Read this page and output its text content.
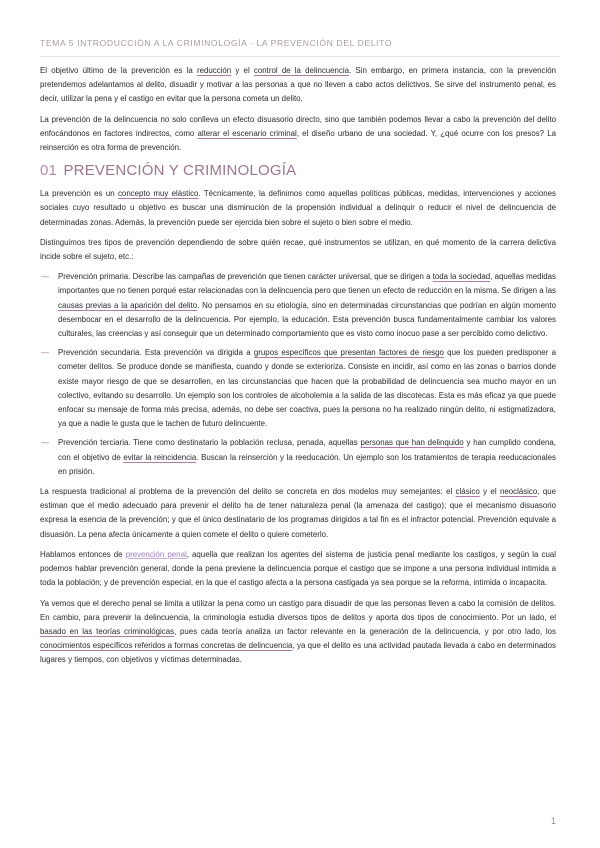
TEMA 5 INTRODUCCIÓN A LA CRIMINOLOGÍA - LA PREVENCIÓN DEL DELITO

El objetivo último de la prevención es la reducción y el control de la delincuencia. Sin embargo, en primera instancia, con la prevención pretendemos adelantamos al delito, disuadir y motivar a las personas a que no lleven a cabo actos delictivos. Se sirve del instrumento penal, es decir, utilizar la pena y el castigo en evitar que la persona cometa un delito.

La prevención de la delincuencia no solo conlleva un efecto disuasorio directo, sino que también podemos llevar a cabo la prevención del delito enfocándonos en factores indirectos, como alterar el escenario criminal, el diseño urbano de una sociedad. Y, ¿qué ocurre con los presos? La reinserción es otra forma de prevención.

01 PREVENCIÓN Y CRIMINOLOGÍA

La prevención es un concepto muy elástico. Técnicamente, la definimos como aquellas políticas públicas, medidas, intervenciones y acciones sociales cuyo resultado u objetivo es buscar una disminución de la propensión individual a delinquir o reducir el nivel de delincuencia de determinadas zonas. Además, la prevención puede ser ejercida bien sobre el sujeto o bien sobre el medio.

Distinguimos tres tipos de prevención dependiendo de sobre quién recae, qué instrumentos se utilizan, en qué momento de la carrera delictiva incide sobre el sujeto, etc.:

— Prevención primaria. Describe las campañas de prevención que tienen carácter universal, que se dirigen a toda la sociedad, aquellas medidas importantes que no tienen porqué estar relacionadas con la delincuencia pero que tienen un efecto de reducción en la misma. Se dirigen a las causas previas a la aparición del delito. No pensamos en su etiología, sino en determinadas circunstancias que podrían en algún momento desembocar en el desarrollo de la delincuencia. Por ejemplo, la educación. Esta prevención busca fundamentalmente cambiar los valores culturales, las creencias y así conseguir que un determinado comportamiento que es visto como inocuo pase a ser percibido como delictivo.
— Prevención secundaria. Esta prevención va dirigida a grupos específicos que presentan factores de riesgo que los pueden predisponer a cometer delitos. Se produce donde se manifiesta, cuando y donde se exterioriza. Consiste en incidir, así como en las zonas o barrios donde existe mayor riesgo de que se desarrollen, en las circunstancias que hacen que la probabilidad de delincuencia sea mucho mayor en un colectivo, evitando su desarrollo. Un ejemplo son los controles de alcoholemia a la salida de las discotecas. Esta es más eficaz ya que puede enfocar su mensaje de forma más precisa, además, no debe ser coactiva, pues la persona no ha realizado ningún delito, ni estigmatizadora, ya que a nadie le gusta que le tachen de futuro delincuente.
— Prevención terciaria. Tiene como destinatario la población reclusa, penada, aquellas personas que han delinquido y han cumplido condena, con el objetivo de evitar la reincidencia. Buscan la reinserción y la reeducación. Un ejemplo son los tratamientos de terapia reeducacionales en prisión.

La respuesta tradicional al problema de la prevención del delito se concreta en dos modelos muy semejantes: el clásico y el neoclásico, que estiman que el medio adecuado para prevenir el delito ha de tener naturaleza penal (la amenaza del castigo); que el mecanismo disuasorio expresa la esencia de la prevención; y que el único destinatario de los programas dirigidos a tal fin es el infractor potencial. Prevención equivale a disuasión. La pena afecta únicamente a quien comete el delito o quiere cometerlo.

Hablamos entonces de prevención penal, aquella que realizan los agentes del sistema de justicia penal mediante los castigos, y según la cual podemos hablar prevención general, donde la pena previene la delincuencia porque el castigo que se impone a una persona individual intimida a toda la población; y de prevención especial, en la que el castigo afecta a la persona castigada ya sea porque se la reforma, intimida o incapacita.

Ya vemos que el derecho penal se limita a utilizar la pena como un castigo para disuadir de que las personas lleven a cabo la comisión de delitos. En cambio, para prevenir la delincuencia, la criminología estudia diversos tipos de delitos y aporta dos tipos de conocimiento. Por un lado, el basado en las teorías criminológicas, pues cada teoría analiza un factor relevante en la generación de la delincuencia, y por otro lado, los conocimientos específicos referidos a formas concretas de delincuencia, ya que el delito es una actividad pautada llevada a cabo en determinados lugares y tiempos, con objetivos y víctimas determinadas.

1
